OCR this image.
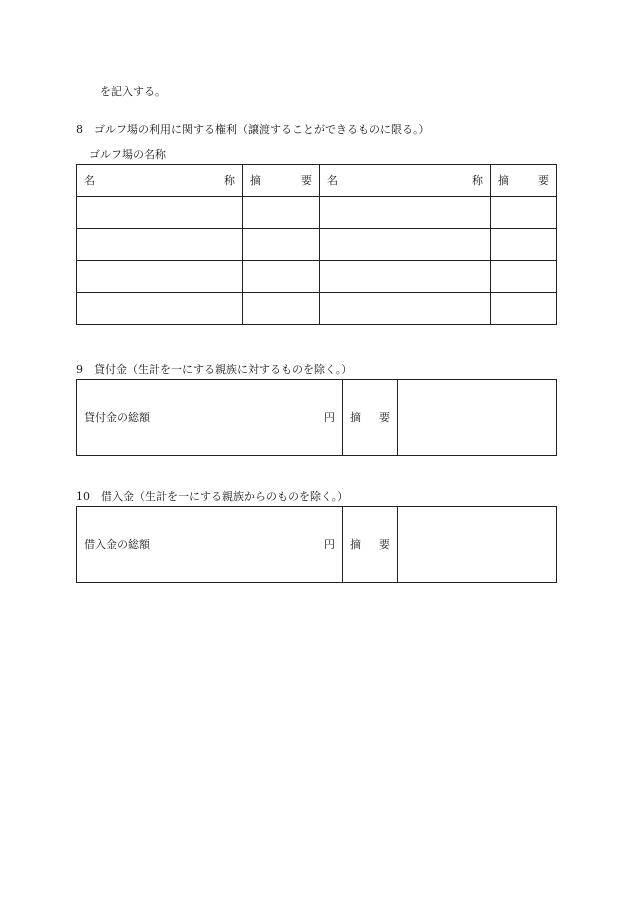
を記入する。
8　ゴルフ場の利用に関する権利（譲渡することができるものに限る。）
ゴルフ場の名称
名 称	摘 要	名 称	摘 要

9　貸付金（生計を一にする親族に対するものを除く。）
貸付金の総額	円	摘 要

10　借入金（生計を一にする親族からのものを除く。）
借入金の総額	円	摘 要
